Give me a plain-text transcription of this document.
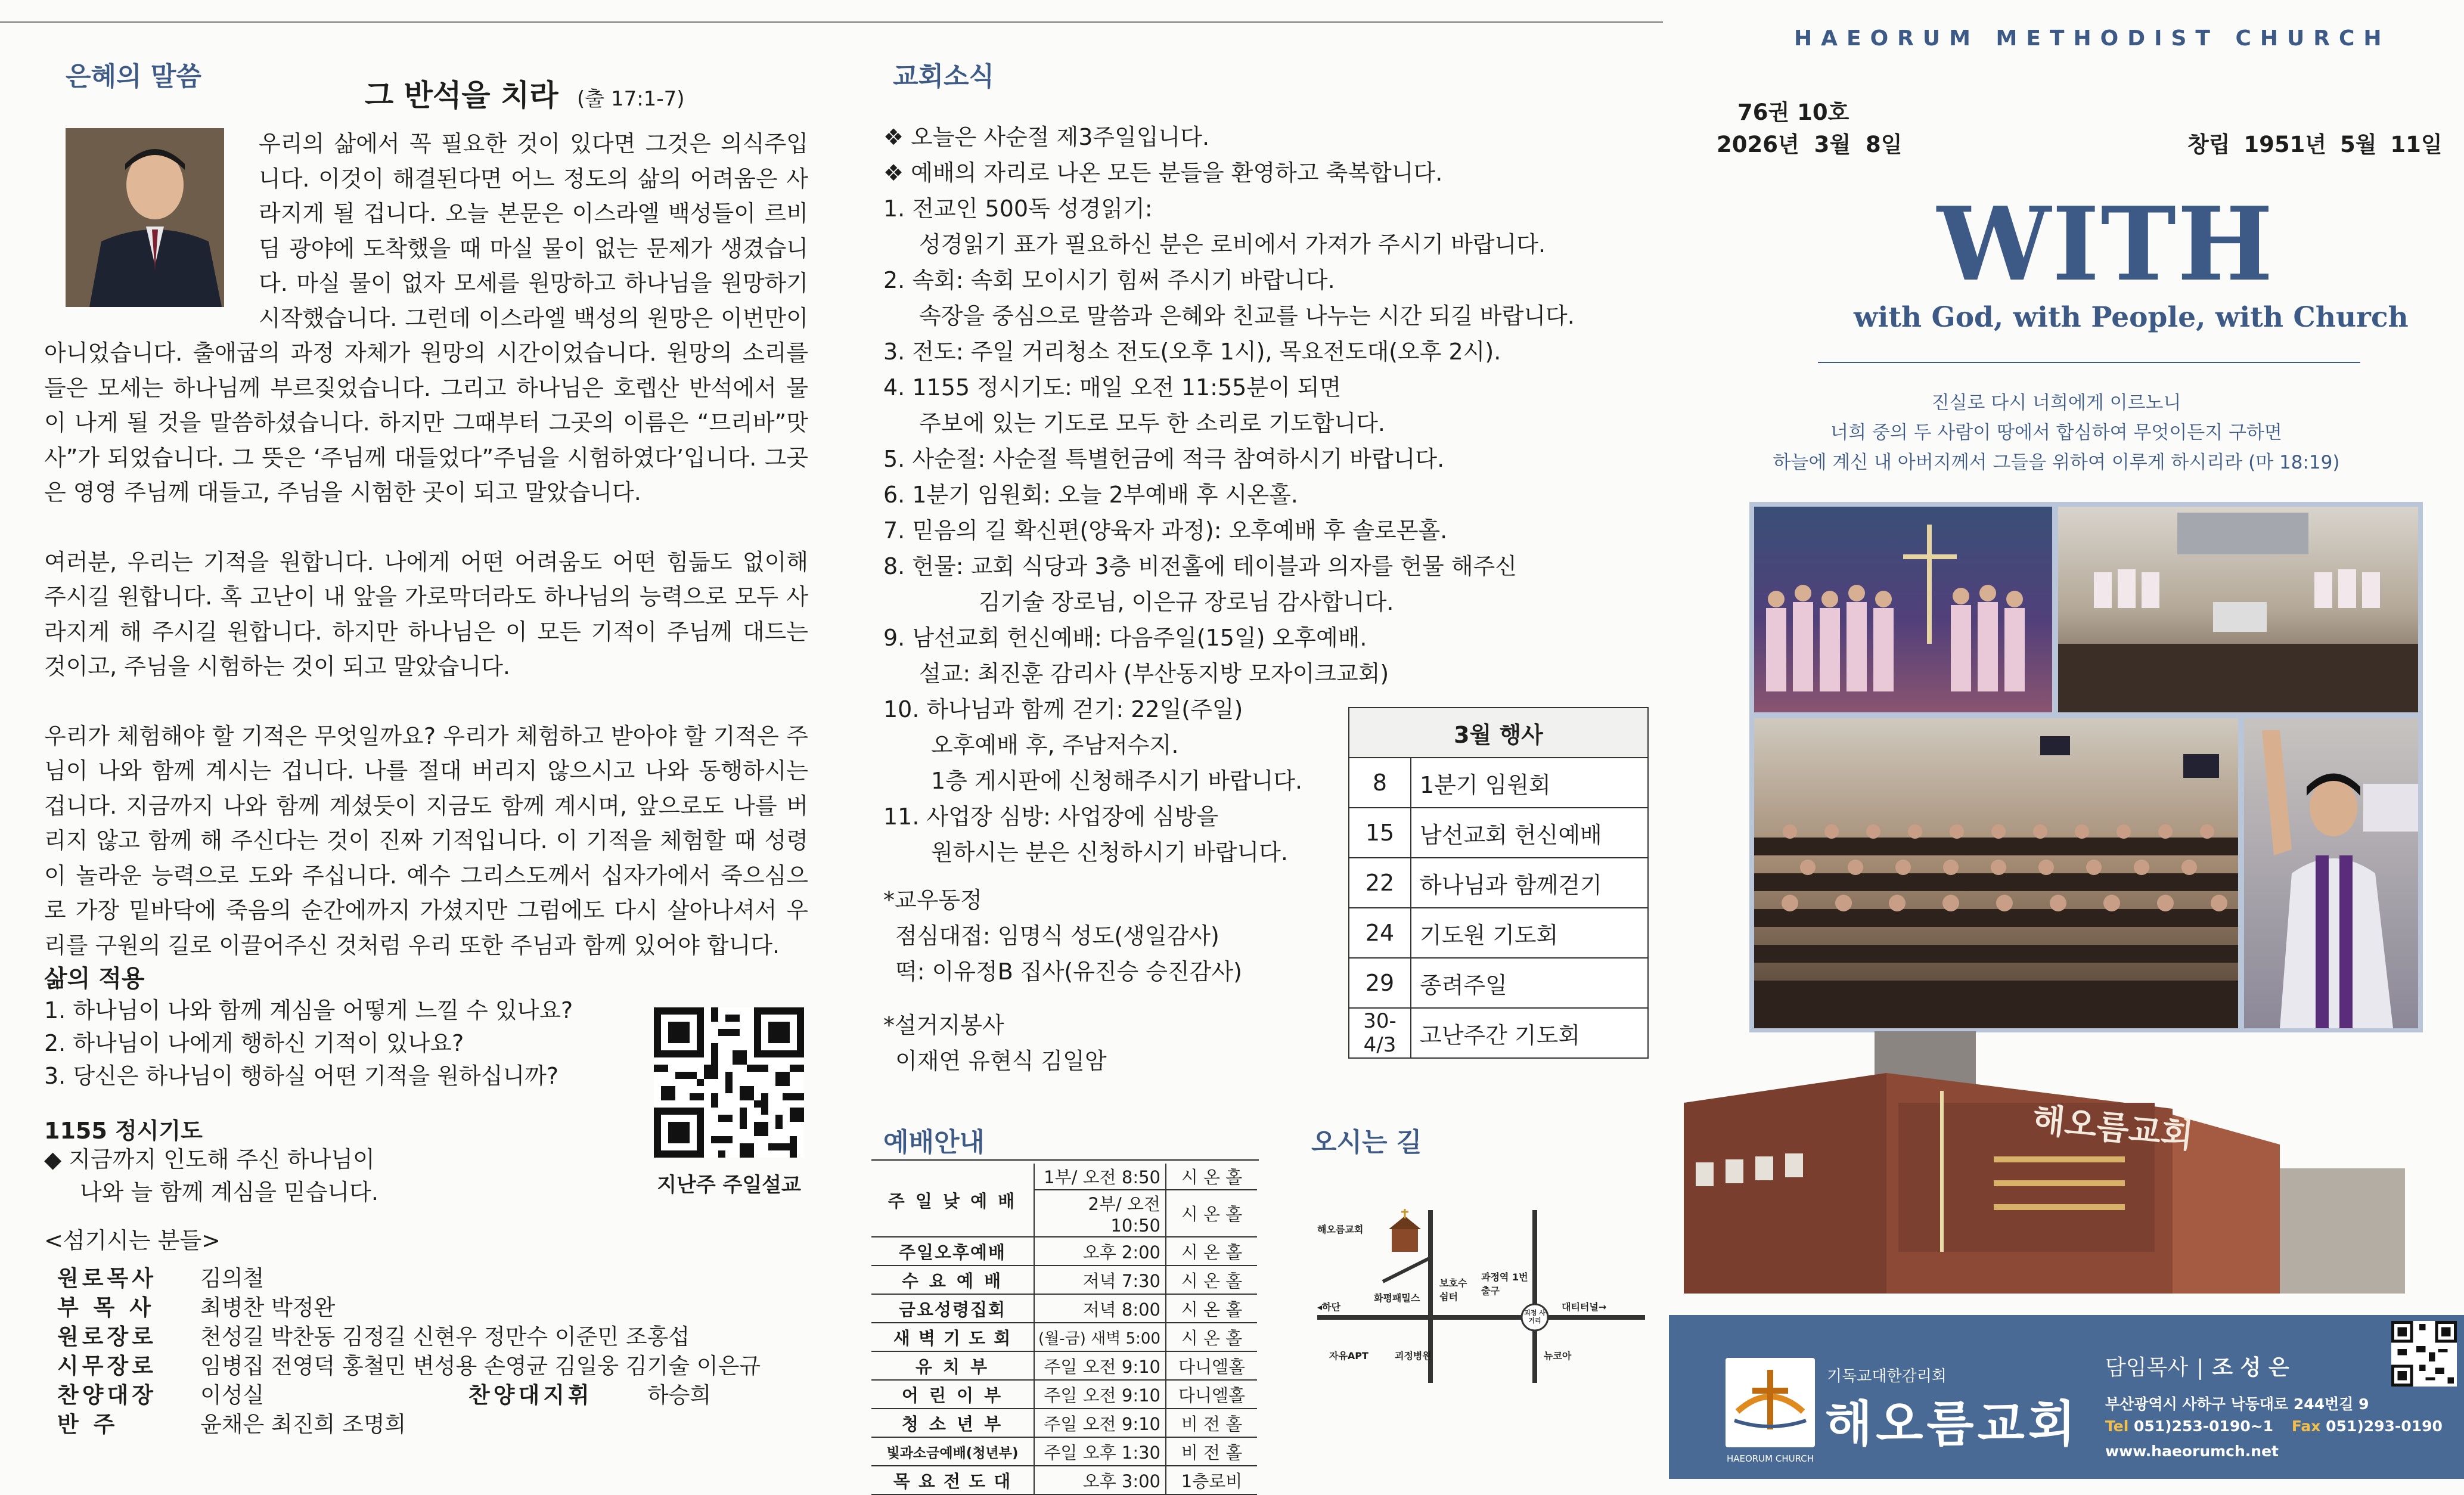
은혜의 말씀
그 반석을 치라 (출 17:1-7)

우리의 삶에서 꼭 필요한 것이 있다면 그것은 의식주입니다. 이것이 해결된다면 어느 정도의 삶의 어려움은 사라지게 될 겁니다. 오늘 본문은 이스라엘 백성들이 르비딤 광야에 도착했을 때 마실 물이 없는 문제가 생겼습니다. 마실 물이 없자 모세를 원망하고 하나님을 원망하기 시작했습니다. 그런데 이스라엘 백성의 원망은 이번만이 아니었습니다. 출애굽의 과정 자체가 원망의 시간이었습니다. 원망의 소리를 들은 모세는 하나님께 부르짖었습니다. 그리고 하나님은 호렙산 반석에서 물이 나게 될 것을 말씀하셨습니다. 하지만 그때부터 그곳의 이름은 “므리바”맛사”가 되었습니다. 그 뜻은 ‘주님께 대들었다”주님을 시험하였다’입니다. 그곳은 영영 주님께 대들고, 주님을 시험한 곳이 되고 말았습니다.

여러분, 우리는 기적을 원합니다. 나에게 어떤 어려움도 어떤 힘듦도 없이해 주시길 원합니다. 혹 고난이 내 앞을 가로막더라도 하나님의 능력으로 모두 사라지게 해 주시길 원합니다. 하지만 하나님은 이 모든 기적이 주님께 대드는 것이고, 주님을 시험하는 것이 되고 말았습니다.

우리가 체험해야 할 기적은 무엇일까요? 우리가 체험하고 받아야 할 기적은 주님이 나와 함께 계시는 겁니다. 나를 절대 버리지 않으시고 나와 동행하시는 겁니다. 지금까지 나와 함께 계셨듯이 지금도 함께 계시며, 앞으로도 나를 버리지 않고 함께 해 주신다는 것이 진짜 기적입니다. 이 기적을 체험할 때 성령이 놀라운 능력으로 도와 주십니다. 예수 그리스도께서 십자가에서 죽으심으로 가장 밑바닥에 죽음의 순간에까지 가셨지만 그럼에도 다시 살아나셔서 우리를 구원의 길로 이끌어주신 것처럼 우리 또한 주님과 함께 있어야 합니다.

삶의 적용
1. 하나님이 나와 함께 계심을 어떻게 느낄 수 있나요?
2. 하나님이 나에게 행하신 기적이 있나요?
3. 당신은 하나님이 행하실 어떤 기적을 원하십니까?
1155 정시기도
◆ 지금까지 인도해 주신 하나님이
나와 늘 함께 계심을 믿습니다.	지난주 주일설교
<섬기시는 분들>
원로목사 김의철
부 목 사 최병찬 박정완
원로장로 천성길 박찬동 김정길 신현우 정만수 이준민 조홍섭
시무장로 임병집 전영덕 홍철민 변성용 손영균 김일웅 김기술 이은규
찬양대장 이성실	찬양대지휘 하승희
반 주	윤채은 최진희 조명희
교회소식
❖ 오늘은 사순절 제3주일입니다.
❖ 예배의 자리로 나온 모든 분들을 환영하고 축복합니다.
1. 전교인 500독 성경읽기:
성경읽기 표가 필요하신 분은 로비에서 가져가 주시기 바랍니다.
2. 속회: 속회 모이시기 힘써 주시기 바랍니다.
속장을 중심으로 말씀과 은혜와 친교를 나누는 시간 되길 바랍니다.
3. 전도: 주일 거리청소 전도(오후 1시), 목요전도대(오후 2시).
4. 1155 정시기도: 매일 오전 11:55분이 되면
주보에 있는 기도로 모두 한 소리로 기도합니다.
5. 사순절: 사순절 특별헌금에 적극 참여하시기 바랍니다.
6. 1분기 임원회: 오늘 2부예배 후 시온홀.
7. 믿음의 길 확신편(양육자 과정): 오후예배 후 솔로몬홀.
8. 헌물: 교회 식당과 3층 비전홀에 테이블과 의자를 헌물 해주신
김기술 장로님, 이은규 장로님 감사합니다.
9. 남선교회 헌신예배: 다음주일(15일) 오후예배.
설교: 최진훈 감리사 (부산동지방 모자이크교회)
10. 하나님과 함께 걷기: 22일(주일)
오후예배 후, 주남저수지.
1층 게시판에 신청해주시기 바랍니다.
11. 사업장 심방: 사업장에 심방을
원하시는 분은 신청하시기 바랍니다.
3월 행사	
8	1분기 임원회
15	남선교회 헌신예배
22	하나님과 함께걷기
24	기도원 기도회
29	종려주일
30-4/3	고난주간 기도회
*교우동정
점심대접: 임명식 성도(생일감사)
떡: 이유정B 집사(유진승 승진감사)
*설거지봉사
이재연 유현식 김일암
예배안내
주 일 낮 예 배	1부/ 오전 8:50	시 온 홀
	2부/ 오전 10:50	시 온 홀
주일오후예배	오후 2:00	시 온 홀
수 요 예 배	저녁 7:30	시 온 홀
금요성령집회	저녁 8:00	시 온 홀
새 벽 기 도 회	(월-금) 새벽 5:00	시 온 홀
유 치 부	주일 오전 9:10	다니엘홀
어 린 이 부	주일 오전 9:10	다니엘홀
청 소 년 부	주일 오전 9:10	비 전 홀
빛과소금예배(청년부)	주일 오후 1:30	비 전 홀
목 요 전 도 대	오후 3:00	1층로비
오시는 길
해오름교회
화평패밀스
보호수 쉼터
과정역 1번출구
대티터널→
◂하단
자유APT	괴정병원	뉴코아
괴정 사거리
HAEORUM METHODIST CHURCH
76권 10호
2026년 3월 8일	창립 1951년 5월 11일
WITH
with God, with People, with Church
진실로 다시 너희에게 이르노니
너희 중의 두 사람이 땅에서 합심하여 무엇이든지 구하면
하늘에 계신 내 아버지께서 그들을 위하여 이루게 하시리라 (마 18:19)
해오름교회
HAEORUM CHURCH
기독교대한감리회
해오름교회
담임목사 | 조 성 은
부산광역시 사하구 낙동대로 244번길 9
Tel 051)253-0190~1 Fax 051)293-0190
www.haeorumch.net
